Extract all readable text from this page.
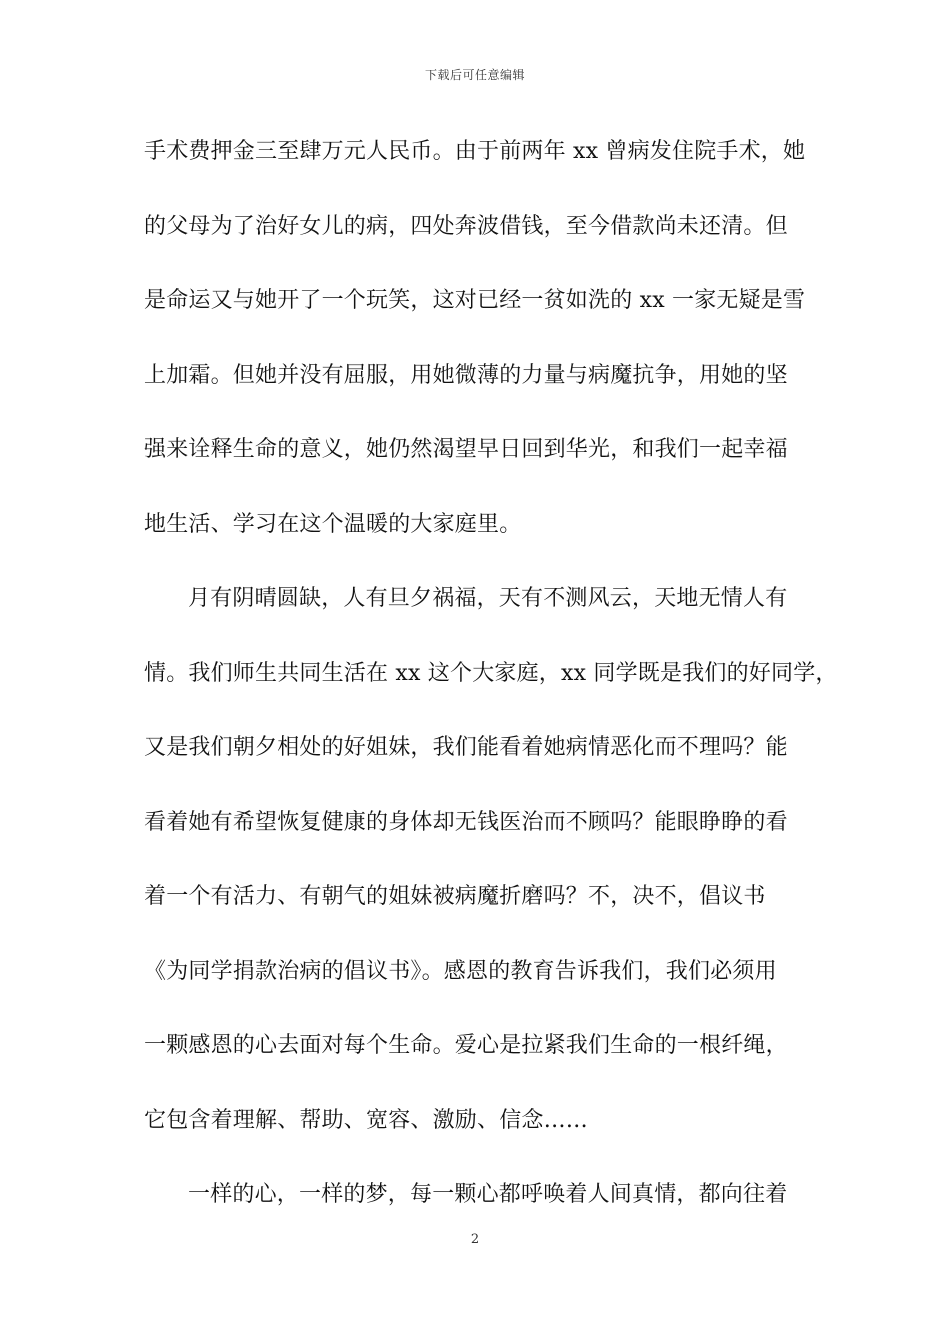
下载后可任意编辑
手术费押金三至肆万元人民币。由于前两年 xx 曾病发住院手术，她
的父母为了治好女儿的病，四处奔波借钱，至今借款尚未还清。但
是命运又与她开了一个玩笑，这对已经一贫如洗的 xx 一家无疑是雪
上加霜。但她并没有屈服，用她微薄的力量与病魔抗争，用她的坚
强来诠释生命的意义，她仍然渴望早日回到华光，和我们一起幸福
地生活、学习在这个温暖的大家庭里。
月有阴晴圆缺，人有旦夕祸福，天有不测风云，天地无情人有
情。我们师生共同生活在 xx 这个大家庭，xx 同学既是我们的好同学，
又是我们朝夕相处的好姐妹，我们能看着她病情恶化而不理吗？能
看着她有希望恢复健康的身体却无钱医治而不顾吗？能眼睁睁的看
着一个有活力、有朝气的姐妹被病魔折磨吗？不，决不，倡议书
《为同学捐款治病的倡议书》。感恩的教育告诉我们，我们必须用
一颗感恩的心去面对每个生命。爱心是拉紧我们生命的一根纤绳，
它包含着理解、帮助、宽容、激励、信念……
一样的心，一样的梦，每一颗心都呼唤着人间真情，都向往着
2
